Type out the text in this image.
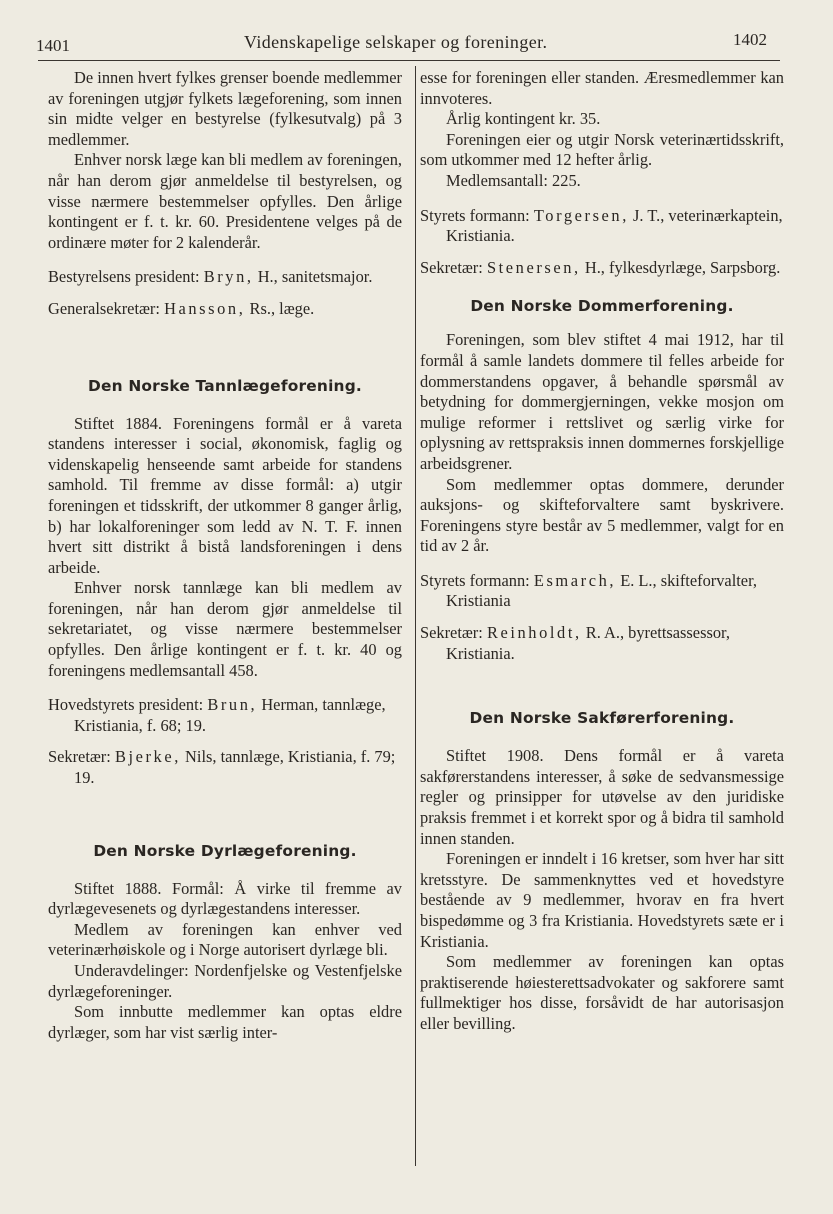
1401	Videnskapelige selskaper og foreninger.	1402

De innen hvert fylkes grenser boende medlemmer av foreningen utgjør fylkets lægeforening, som innen sin midte velger en bestyrelse (fylkesutvalg) på 3 medlemmer.

Enhver norsk læge kan bli medlem av foreningen, når han derom gjør anmeldelse til bestyrelsen, og visse nærmere bestemmelser opfylles. Den årlige kontingent er f. t. kr. 60. Presidentene velges på de ordinære møter for 2 kalenderår.

Bestyrelsens president: Bryn, H., sanitetsmajor.

Generalsekretær: Hansson, Rs., læge.

Den Norske Tannlægeforening.

Stiftet 1884. Foreningens formål er å vareta standens interesser i social, økonomisk, faglig og videnskapelig henseende samt arbeide for standens samhold. Til fremme av disse formål: a) utgir foreningen et tidsskrift, der utkommer 8 ganger årlig, b) har lokalforeninger som ledd av N. T. F. innen hvert sitt distrikt å bistå landsforeningen i dens arbeide.

Enhver norsk tannlæge kan bli medlem av foreningen, når han derom gjør anmeldelse til sekretariatet, og visse nærmere bestemmelser opfylles. Den årlige kontingent er f. t. kr. 40 og foreningens medlemsantall 458.

Hovedstyrets president: Brun, Herman, tannlæge, Kristiania, f. 68; 19.

Sekretær: Bjerke, Nils, tannlæge, Kristiania, f. 79; 19.

Den Norske Dyrlægeforening.

Stiftet 1888. Formål: Å virke til fremme av dyrlægevesenets og dyrlægestandens interesser.

Medlem av foreningen kan enhver ved veterinærhøiskole og i Norge autorisert dyrlæge bli.

Underavdelinger: Nordenfjelske og Vestenfjelske dyrlægeforeninger.

Som innbutte medlemmer kan optas eldre dyrlæger, som har vist særlig inter-

esse for foreningen eller standen. Æresmedlemmer kan innvoteres.

Årlig kontingent kr. 35.

Foreningen eier og utgir Norsk veterinærtidsskrift, som utkommer med 12 hefter årlig.

Medlemsantall: 225.

Styrets formann: Torgersen, J. T., veterinærkaptein, Kristiania.

Sekretær: Stenersen, H., fylkesdyrlæge, Sarpsborg.

Den Norske Dommerforening.

Foreningen, som blev stiftet 4 mai 1912, har til formål å samle landets dommere til felles arbeide for dommerstandens opgaver, å behandle spørsmål av betydning for dommergjerningen, vekke mosjon om mulige reformer i rettslivet og særlig virke for oplysning av rettspraksis innen dommernes forskjellige arbeidsgrener.

Som medlemmer optas dommere, derunder auksjons- og skifteforvaltere samt byskrivere. Foreningens styre består av 5 medlemmer, valgt for en tid av 2 år.

Styrets formann: Esmarch, E. L., skifteforvalter, Kristiania

Sekretær: Reinholdt, R. A., byrettsassessor, Kristiania.

Den Norske Sakførerforening.

Stiftet 1908. Dens formål er å vareta sakførerstandens interesser, å søke de sedvansmessige regler og prinsipper for utøvelse av den juridiske praksis fremmet i et korrekt spor og å bidra til samhold innen standen.

Foreningen er inndelt i 16 kretser, som hver har sitt kretsstyre. De sammenknyttes ved et hovedstyre bestående av 9 medlemmer, hvorav en fra hvert bispedømme og 3 fra Kristiania. Hovedstyrets sæte er i Kristiania.

Som medlemmer av foreningen kan optas praktiserende høiesterettsadvokater og sakforere samt fullmektiger hos disse, forsåvidt de har autorisasjon eller bevilling.
